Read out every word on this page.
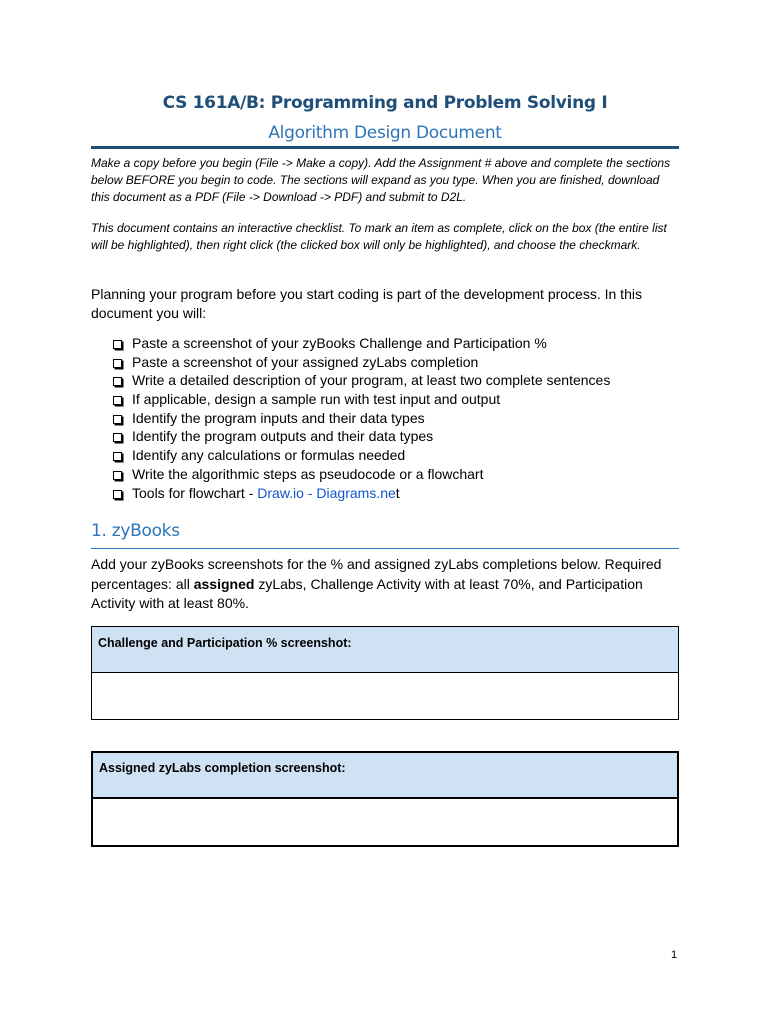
CS 161A/B: Programming and Problem Solving I
Algorithm Design Document
Make a copy before you begin (File -> Make a copy). Add the Assignment # above and complete the sections below BEFORE you begin to code. The sections will expand as you type. When you are finished, download this document as a PDF (File -> Download -> PDF) and submit to D2L.
This document contains an interactive checklist. To mark an item as complete, click on the box (the entire list will be highlighted), then right click (the clicked box will only be highlighted), and choose the checkmark.
Planning your program before you start coding is part of the development process. In this document you will:
Paste a screenshot of your zyBooks Challenge and Participation %
Paste a screenshot of your assigned zyLabs completion
Write a detailed description of your program, at least two complete sentences
If applicable, design a sample run with test input and output
Identify the program inputs and their data types
Identify the program outputs and their data types
Identify any calculations or formulas needed
Write the algorithmic steps as pseudocode or a flowchart
Tools for flowchart - Draw.io - Diagrams.net
1. zyBooks
Add your zyBooks screenshots for the % and assigned zyLabs completions below. Required percentages: all assigned zyLabs, Challenge Activity with at least 70%, and Participation Activity with at least 80%.
Challenge and Participation % screenshot:
Assigned zyLabs completion screenshot:
1
